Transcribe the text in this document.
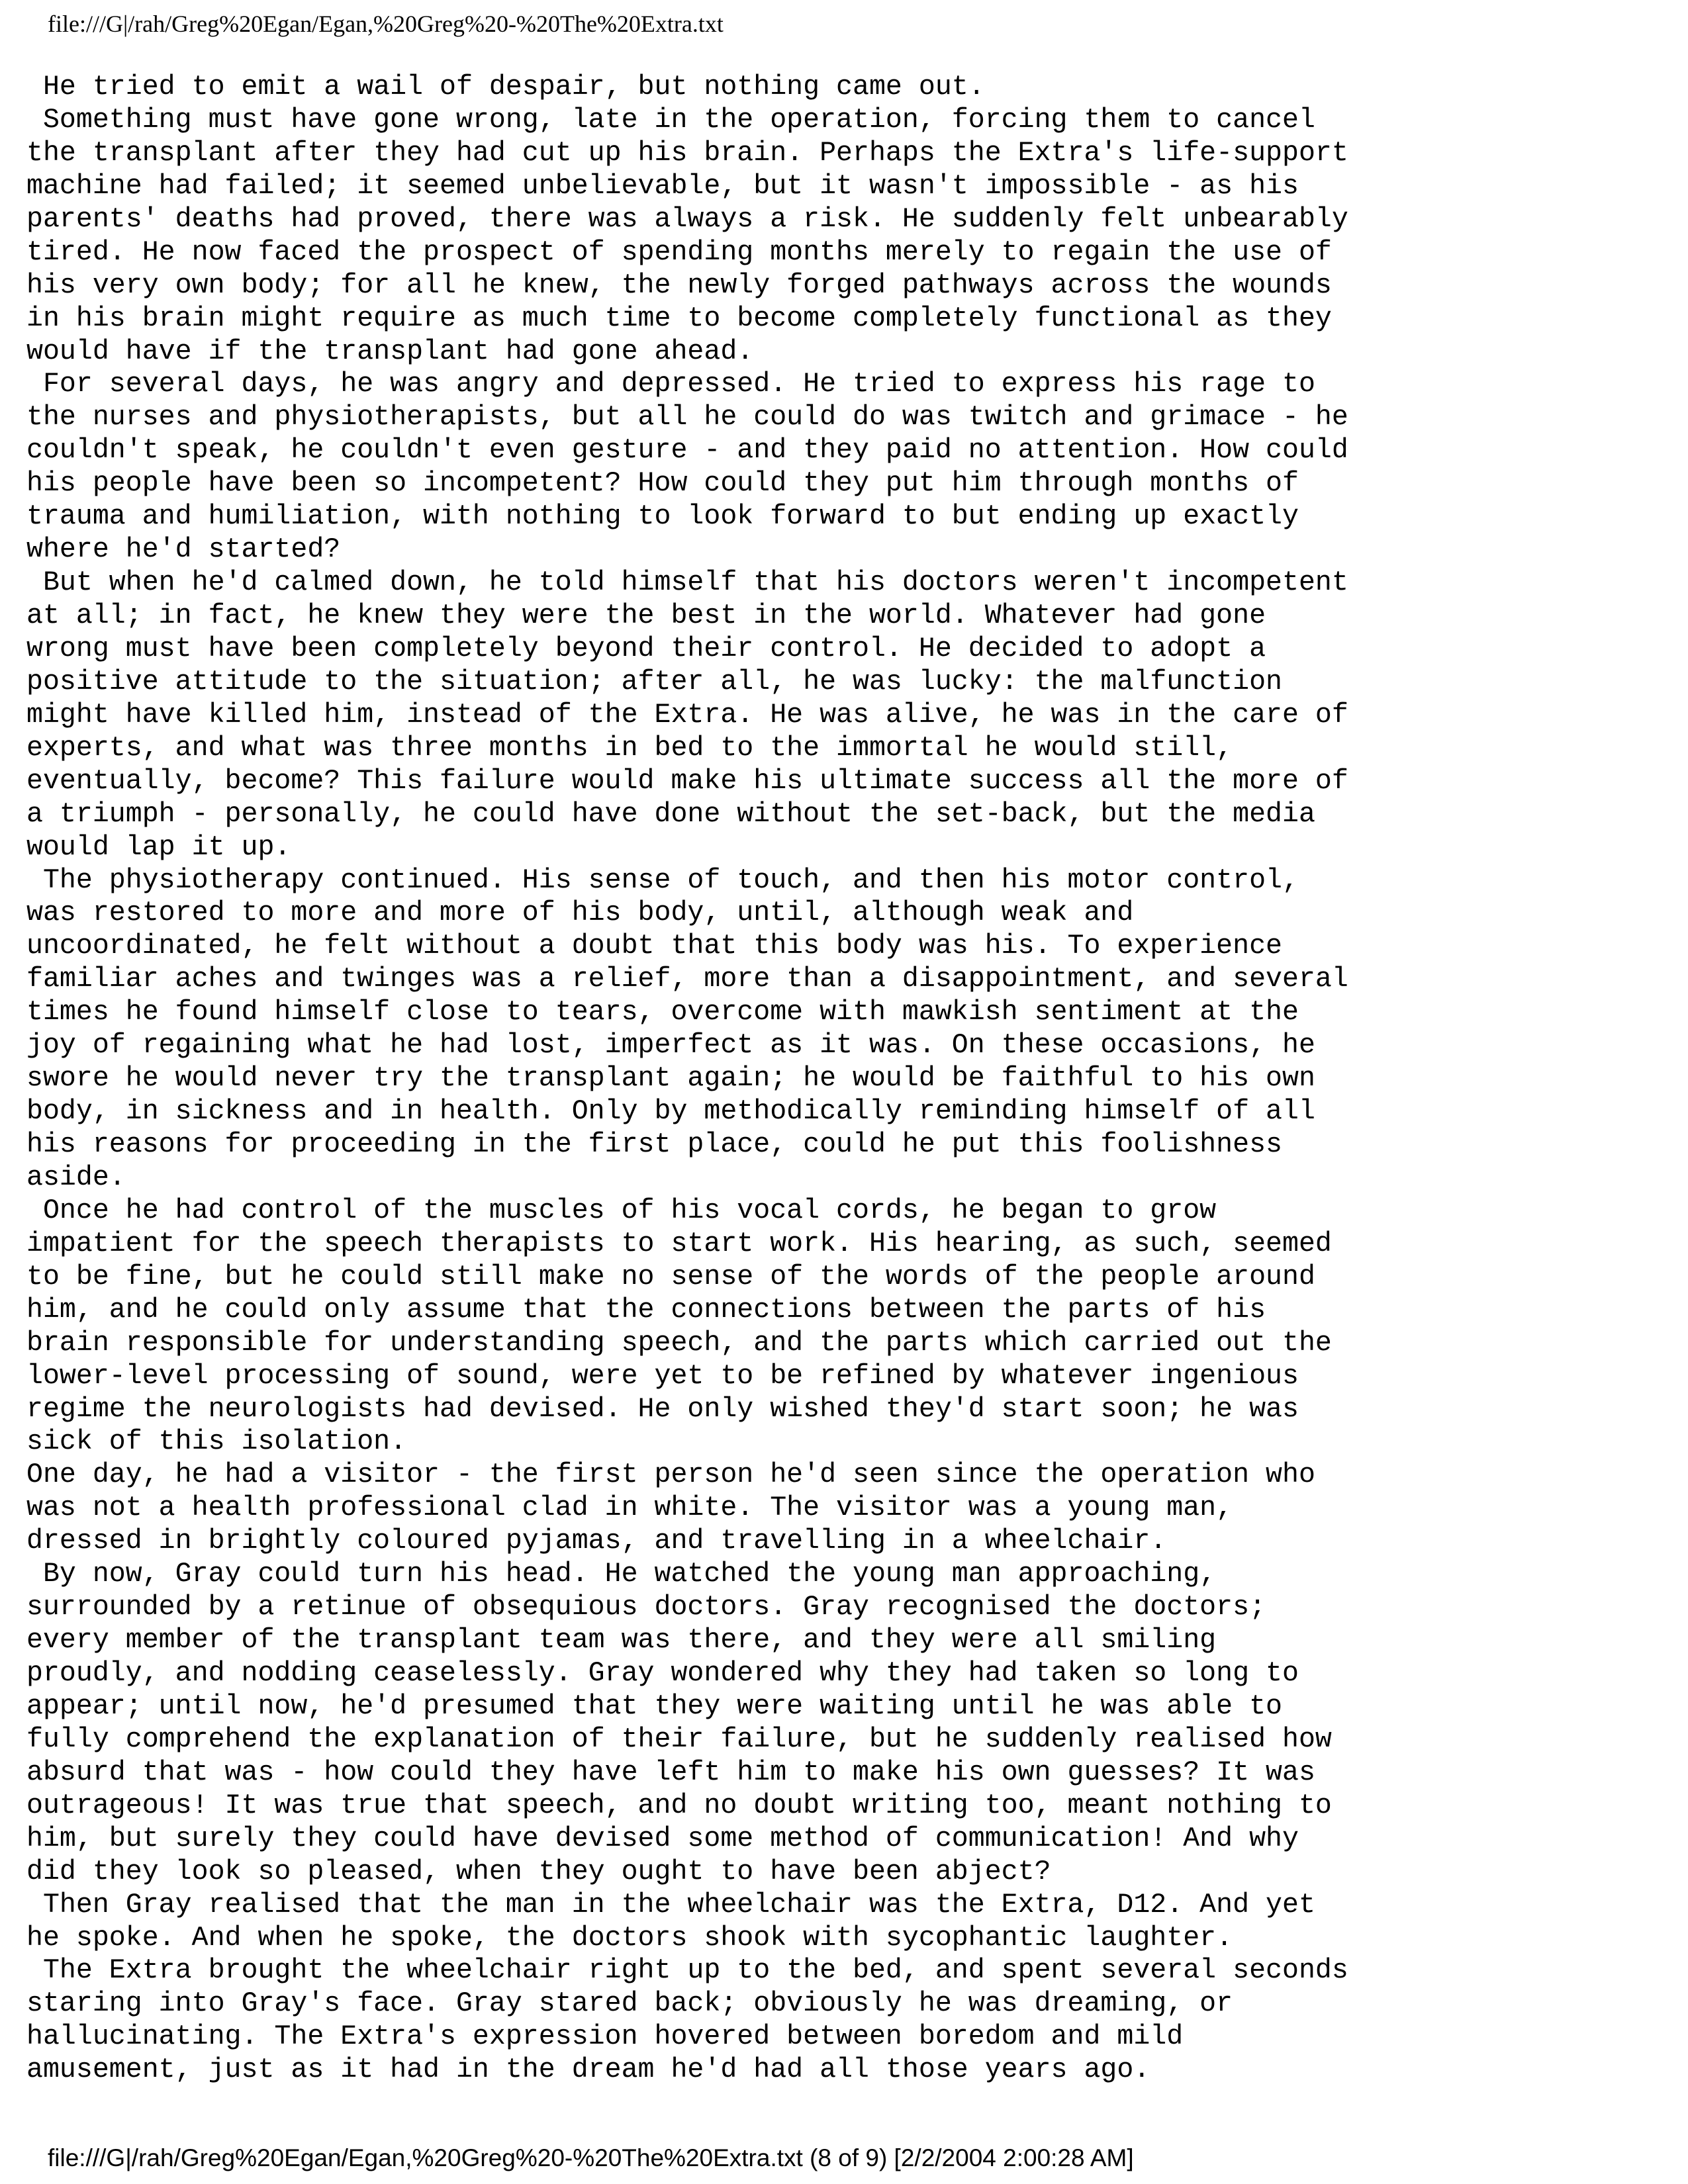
file:///G|/rah/Greg%20Egan/Egan,%20Greg%20-%20The%20Extra.txt
He tried to emit a wail of despair, but nothing came out.
Something must have gone wrong, late in the operation, forcing them to cancel
the transplant after they had cut up his brain. Perhaps the Extra's life-support
machine had failed; it seemed unbelievable, but it wasn't impossible - as his
parents' deaths had proved, there was always a risk. He suddenly felt unbearably
tired. He now faced the prospect of spending months merely to regain the use of
his very own body; for all he knew, the newly forged pathways across the wounds
in his brain might require as much time to become completely functional as they
would have if the transplant had gone ahead.
For several days, he was angry and depressed. He tried to express his rage to
the nurses and physiotherapists, but all he could do was twitch and grimace - he
couldn't speak, he couldn't even gesture - and they paid no attention. How could
his people have been so incompetent? How could they put him through months of
trauma and humiliation, with nothing to look forward to but ending up exactly
where he'd started?
But when he'd calmed down, he told himself that his doctors weren't incompetent
at all; in fact, he knew they were the best in the world. Whatever had gone
wrong must have been completely beyond their control. He decided to adopt a
positive attitude to the situation; after all, he was lucky: the malfunction
might have killed him, instead of the Extra. He was alive, he was in the care of
experts, and what was three months in bed to the immortal he would still,
eventually, become? This failure would make his ultimate success all the more of
a triumph - personally, he could have done without the set-back, but the media
would lap it up.
The physiotherapy continued. His sense of touch, and then his motor control,
was restored to more and more of his body, until, although weak and
uncoordinated, he felt without a doubt that this body was his. To experience
familiar aches and twinges was a relief, more than a disappointment, and several
times he found himself close to tears, overcome with mawkish sentiment at the
joy of regaining what he had lost, imperfect as it was. On these occasions, he
swore he would never try the transplant again; he would be faithful to his own
body, in sickness and in health. Only by methodically reminding himself of all
his reasons for proceeding in the first place, could he put this foolishness
aside.
Once he had control of the muscles of his vocal cords, he began to grow
impatient for the speech therapists to start work. His hearing, as such, seemed
to be fine, but he could still make no sense of the words of the people around
him, and he could only assume that the connections between the parts of his
brain responsible for understanding speech, and the parts which carried out the
lower-level processing of sound, were yet to be refined by whatever ingenious
regime the neurologists had devised. He only wished they'd start soon; he was
sick of this isolation.
One day, he had a visitor - the first person he'd seen since the operation who
was not a health professional clad in white. The visitor was a young man,
dressed in brightly coloured pyjamas, and travelling in a wheelchair.
By now, Gray could turn his head. He watched the young man approaching,
surrounded by a retinue of obsequious doctors. Gray recognised the doctors;
every member of the transplant team was there, and they were all smiling
proudly, and nodding ceaselessly. Gray wondered why they had taken so long to
appear; until now, he'd presumed that they were waiting until he was able to
fully comprehend the explanation of their failure, but he suddenly realised how
absurd that was - how could they have left him to make his own guesses? It was
outrageous! It was true that speech, and no doubt writing too, meant nothing to
him, but surely they could have devised some method of communication! And why
did they look so pleased, when they ought to have been abject?
Then Gray realised that the man in the wheelchair was the Extra, D12. And yet
he spoke. And when he spoke, the doctors shook with sycophantic laughter.
The Extra brought the wheelchair right up to the bed, and spent several seconds
staring into Gray's face. Gray stared back; obviously he was dreaming, or
hallucinating. The Extra's expression hovered between boredom and mild
amusement, just as it had in the dream he'd had all those years ago.
file:///G|/rah/Greg%20Egan/Egan,%20Greg%20-%20The%20Extra.txt (8 of 9) [2/2/2004 2:00:28 AM]
